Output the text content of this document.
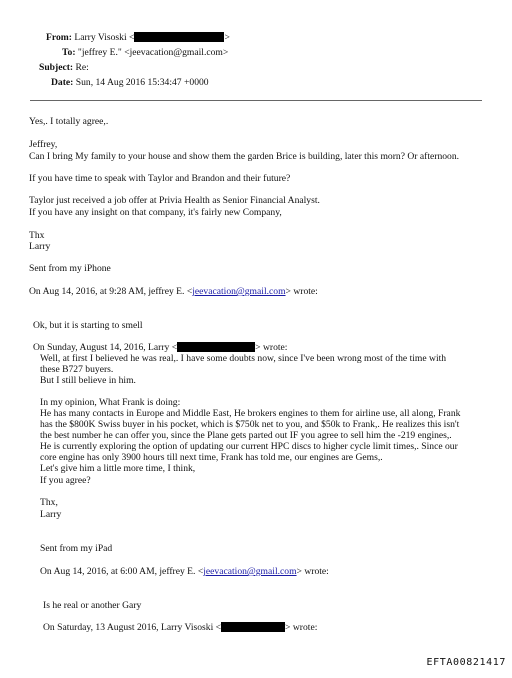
From: Larry Visoski <	>
To: "jeffrey E." <jeevacation@gmail.com>
Subject: Re:
Date: Sun, 14 Aug 2016 15:34:47 +0000
Yes,. I totally agree,.
Jeffrey,
Can I bring My family to your house and show them the garden Brice is building, later this morn? Or afternoon.
If you have time to speak with Taylor and Brandon and their future?
Taylor just received a job offer at Privia Health as Senior Financial Analyst.
If you have any insight on that company, it's fairly new Company,
Thx
Larry
Sent from my iPhone
On Aug 14, 2016, at 9:28 AM, jeffrey E. <jeevacation@gmail.com> wrote:
Ok, but it is starting to smell
On Sunday, August 14, 2016, Larry <	> wrote:
Well, at first I believed he was real,. I have some doubts now, since I've been wrong most of the time with
these B727 buyers.
But I still believe in him.
In my opinion, What Frank is doing:
He has many contacts in Europe and Middle East, He brokers engines to them for airline use, all along, Frank
has the $800K Swiss buyer in his pocket, which is $750k net to you, and $50k to Frank,. He realizes this isn't
the best number he can offer you, since the Plane gets parted out IF you agree to sell him the -219 engines,.
He is currently exploring the option of updating our current HPC discs to higher cycle limit times,. Since our
core engine has only 3900 hours till next time, Frank has told me, our engines are Gems,.
Let's give him a little more time, I think,
If you agree?
Thx,
Larry
Sent from my iPad
On Aug 14, 2016, at 6:00 AM, jeffrey E. <jeevacation@gmail.com> wrote:
Is he real or another Gary
On Saturday, 13 August 2016, Larry Visoski <	> wrote:
EFTA00821417
